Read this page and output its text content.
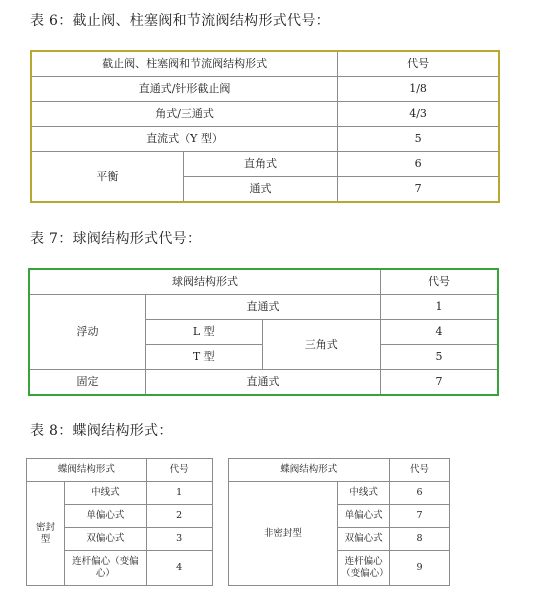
表 6：截止阀、柱塞阀和节流阀结构形式代号：

截止阀、柱塞阀和节流阀结构形式		代号
直通式/针形截止阀		1/8
角式/三通式		4/3
直流式（Y 型）		5
平衡	直角式	6
	通式	7

表 7：球阀结构形式代号：

球阀结构形式			代号
浮动	直通式		1
	L 型	三角式	4
	T 型		5
固定	直通式		7

表 8：蝶阀结构形式：

蝶阀结构形式		代号		蝶阀结构形式		代号
密封型	中线式	1		非密封型	中线式	6
	单偏心式	2			单偏心式	7
	双偏心式	3			双偏心式	8
	连杆偏心（变偏心）	4			连杆偏心（变偏心）	9
